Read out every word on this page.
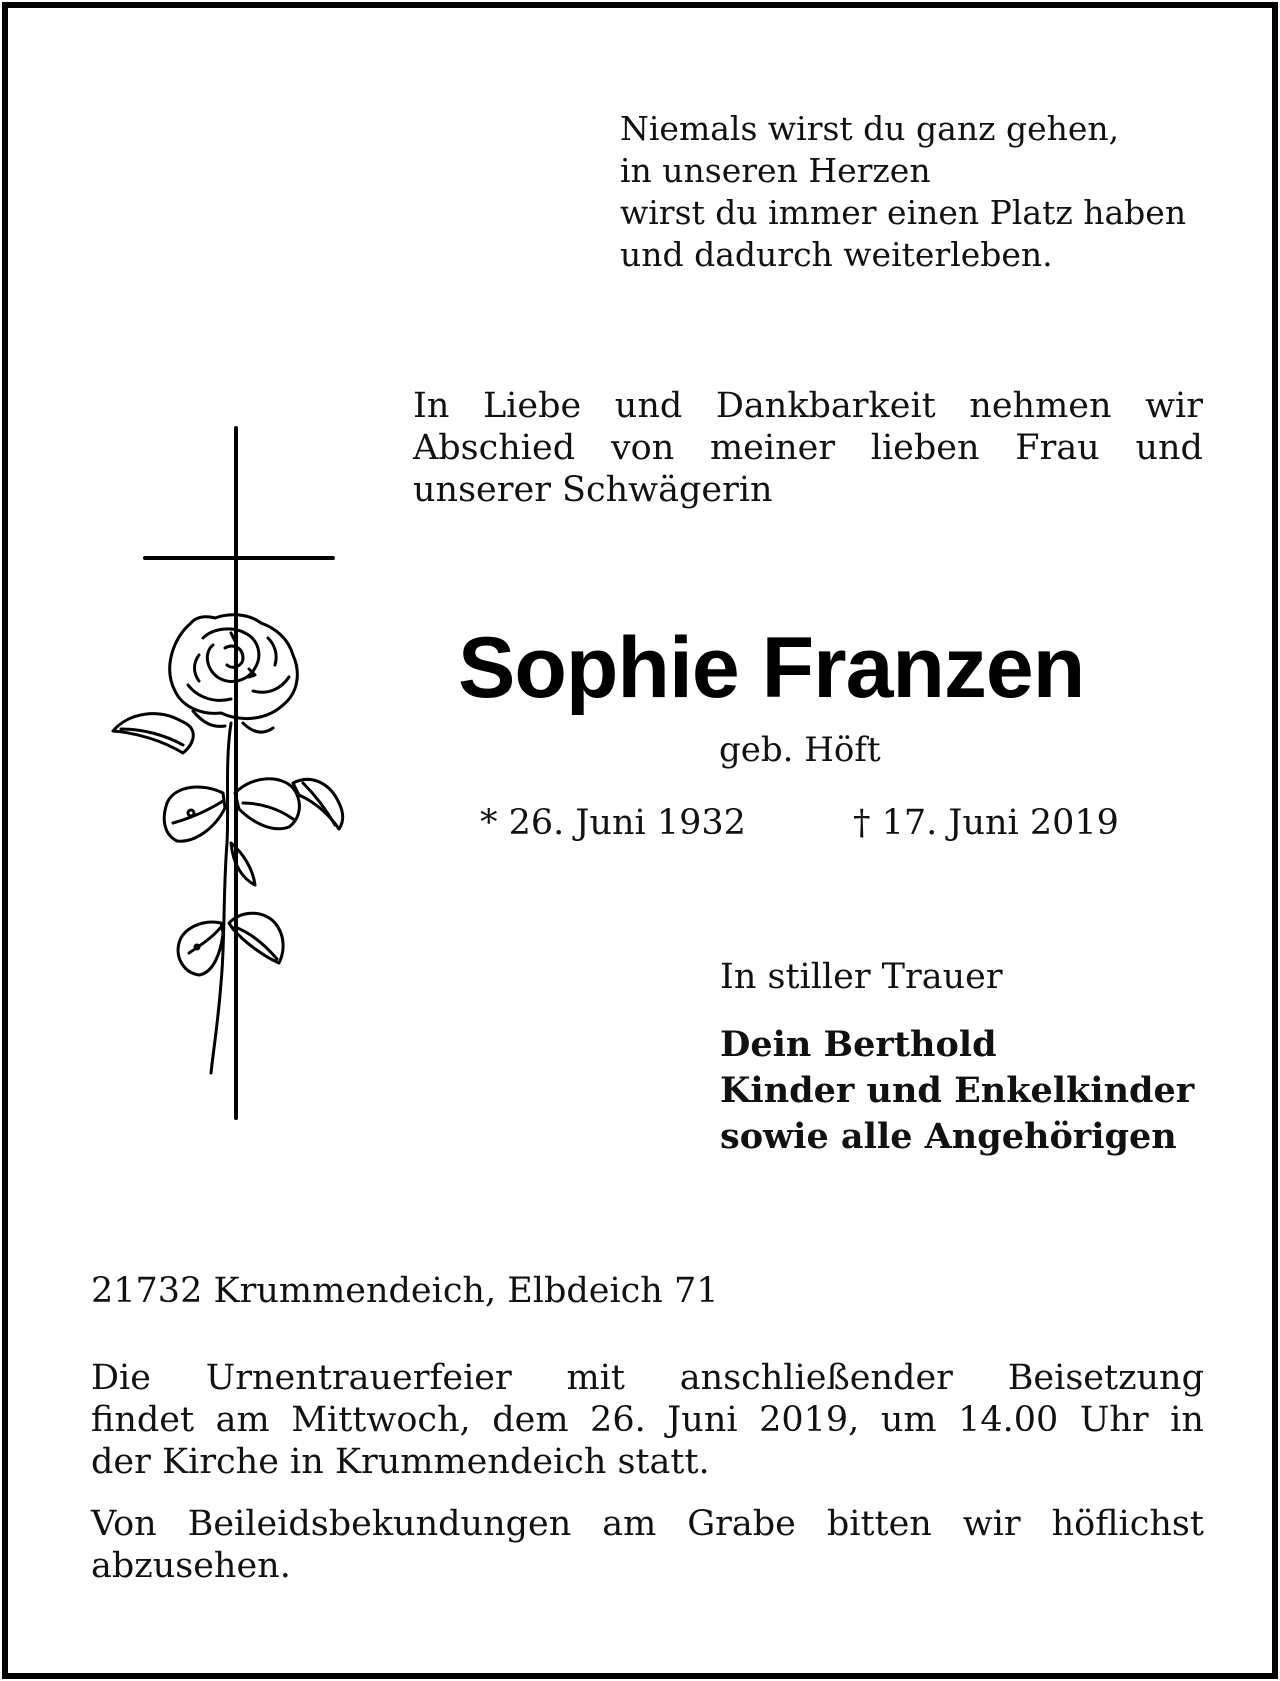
Niemals wirst du ganz gehen,
in unseren Herzen
wirst du immer einen Platz haben
und dadurch weiterleben.
In Liebe und Dankbarkeit nehmen wir
Abschied von meiner lieben Frau und
unserer Schwägerin
Sophie Franzen
geb. Höft
* 26. Juni 1932	† 17. Juni 2019
In stiller Trauer
Dein Berthold
Kinder und Enkelkinder
sowie alle Angehörigen
21732 Krummendeich, Elbdeich 71
Die Urnentrauerfeier mit anschließender Beisetzung
findet am Mittwoch, dem 26. Juni 2019, um 14.00 Uhr in
der Kirche in Krummendeich statt.
Von Beileidsbekundungen am Grabe bitten wir höflichst
abzusehen.
